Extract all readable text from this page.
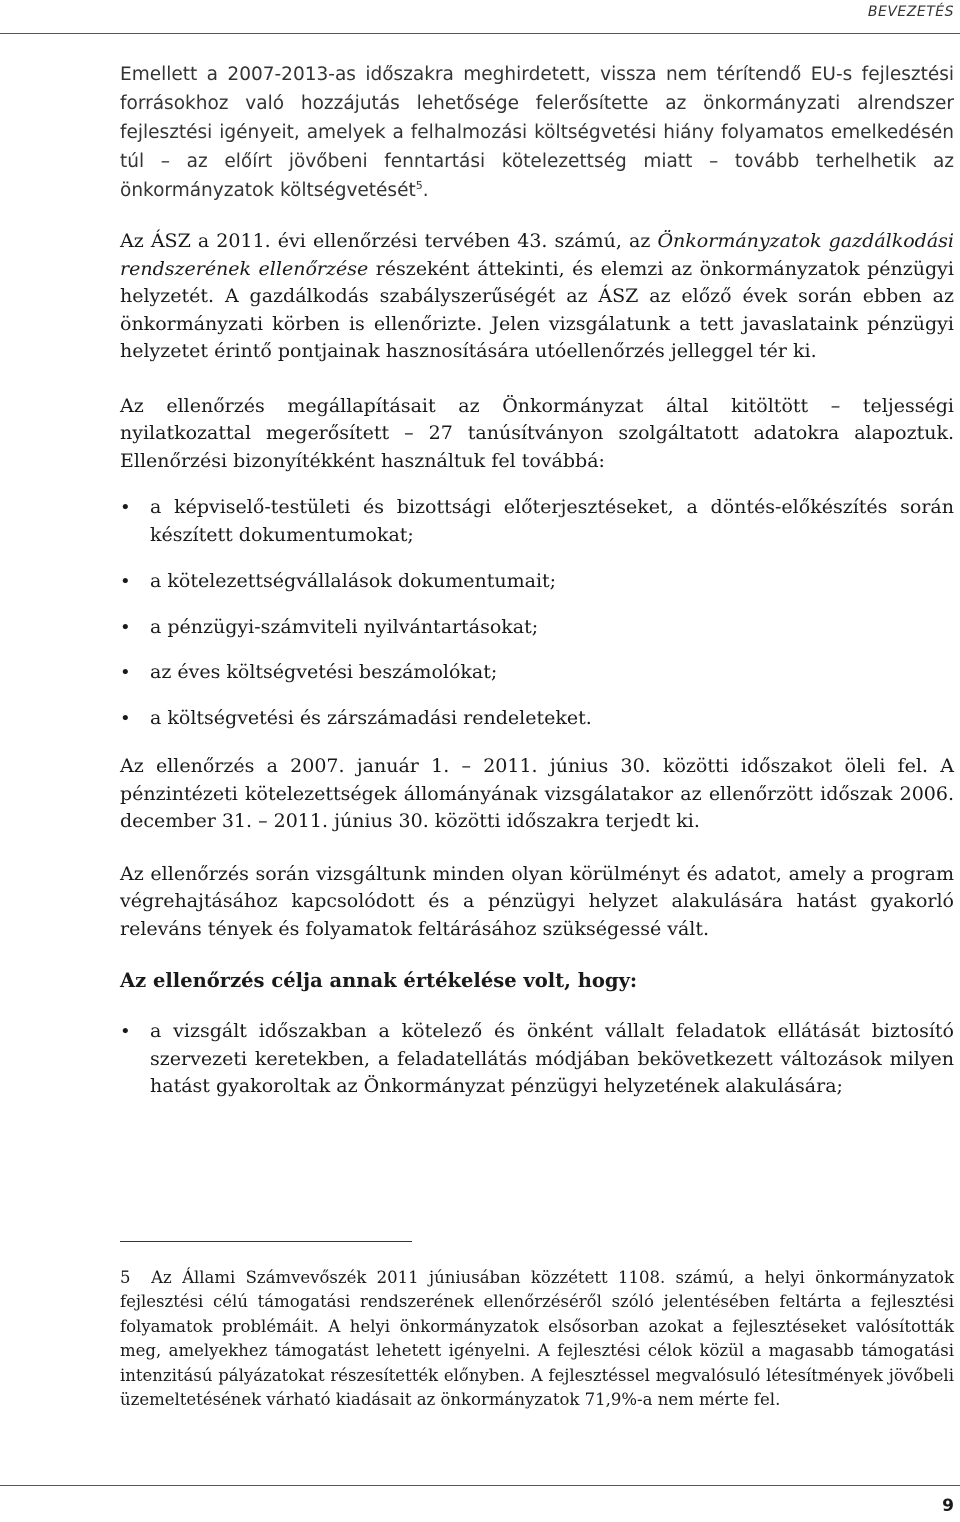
BEVEZETÉS

Emellett a 2007-2013-as időszakra meghirdetett, vissza nem térítendő EU-s fejlesztési forrásokhoz való hozzájutás lehetősége felerősítette az önkormányzati alrendszer fejlesztési igényeit, amelyek a felhalmozási költségvetési hiány folyamatos emelkedésén túl – az előírt jövőbeni fenntartási kötelezettség miatt – tovább terhelhetik az önkormányzatok költségvetését$^5$.

Az ÁSZ a 2011. évi ellenőrzési tervében 43. számú, az Önkormányzatok gazdálkodási rendszerének ellenőrzése részeként áttekinti, és elemzi az önkormányzatok pénzügyi helyzetét. A gazdálkodás szabályszerűségét az ÁSZ az előző évek során ebben az önkormányzati körben is ellenőrizte. Jelen vizsgálatunk a tett javaslataink pénzügyi helyzetet érintő pontjainak hasznosítására utóellenőrzés jelleggel tér ki.

Az ellenőrzés megállapításait az Önkormányzat által kitöltött – teljességi nyilatkozattal megerősített – 27 tanúsítványon szolgáltatott adatokra alapoztuk. Ellenőrzési bizonyítékként használtuk fel továbbá:

• a képviselő-testületi és bizottsági előterjesztéseket, a döntés-előkészítés során készített dokumentumokat;
• a kötelezettségvállalások dokumentumait;
• a pénzügyi-számviteli nyilvántartásokat;
• az éves költségvetési beszámolókat;
• a költségvetési és zárszámadási rendeleteket.

Az ellenőrzés a 2007. január 1. – 2011. június 30. közötti időszakot öleli fel. A pénzintézeti kötelezettségek állományának vizsgálatakor az ellenőrzött időszak 2006. december 31. – 2011. június 30. közötti időszakra terjedt ki.

Az ellenőrzés során vizsgáltunk minden olyan körülményt és adatot, amely a program végrehajtásához kapcsolódott és a pénzügyi helyzet alakulására hatást gyakorló releváns tények és folyamatok feltárásához szükségessé vált.

Az ellenőrzés célja annak értékelése volt, hogy:

• a vizsgált időszakban a kötelező és önként vállalt feladatok ellátását biztosító szervezeti keretekben, a feladatellátás módjában bekövetkezett változások milyen hatást gyakoroltak az Önkormányzat pénzügyi helyzetének alakulására;
5 Az Állami Számvevőszék 2011 júniusában közzétett 1108. számú, a helyi önkormányzatok fejlesztési célú támogatási rendszerének ellenőrzéséről szóló jelentésében feltárta a fejlesztési folyamatok problémáit. A helyi önkormányzatok elsősorban azokat a fejlesztéseket valósították meg, amelyekhez támogatást lehetett igényelni. A fejlesztési célok közül a magasabb támogatási intenzitású pályázatokat részesítették előnyben. A fejlesztéssel megvalósuló létesítmények jövőbeli üzemeltetésének várható kiadásait az önkormányzatok 71,9%-a nem mérte fel.
9
